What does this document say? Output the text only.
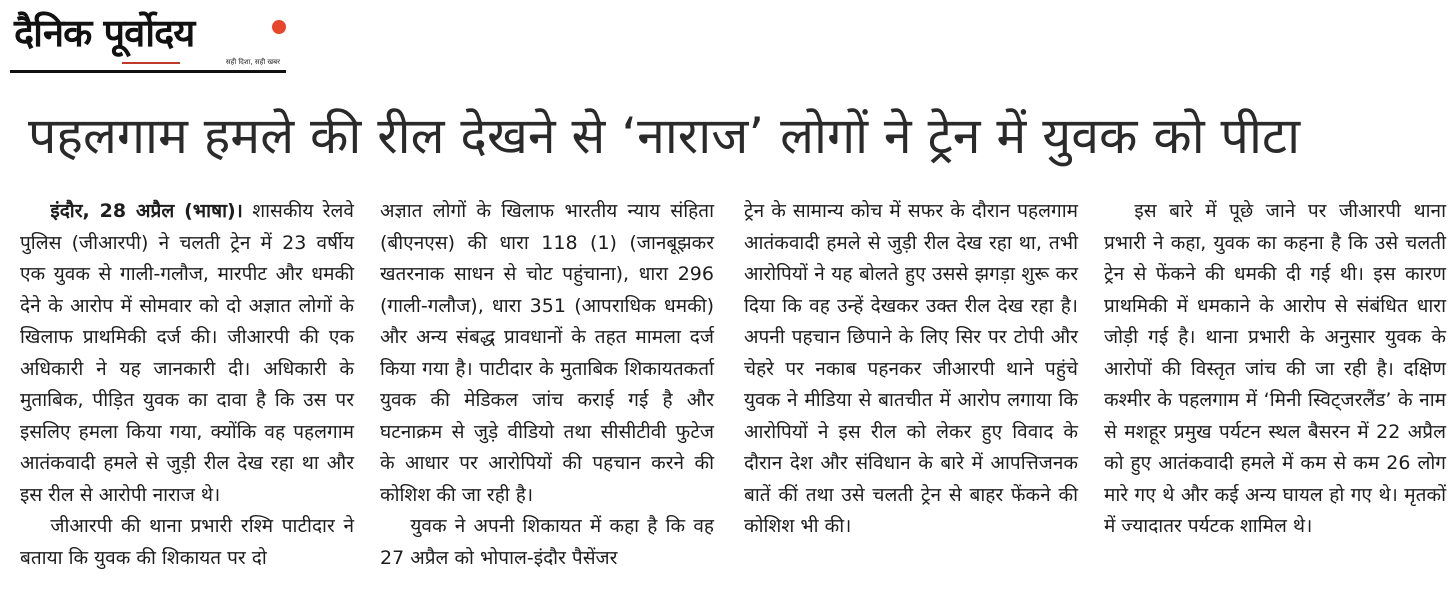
दैनिक पूर्वोदय
सही दिशा, सही खबर
पहलगाम हमले की रील देखने से ‘नाराज’ लोगों ने ट्रेन में युवक को पीटा

इंदौर, 28 अप्रैल (भाषा)। शासकीय रेलवे पुलिस (जीआरपी) ने चलती ट्रेन में 23 वर्षीय एक युवक से गाली-गलौज, मारपीट और धमकी देने के आरोप में सोमवार को दो अज्ञात लोगों के खिलाफ प्राथमिकी दर्ज की। जीआरपी की एक अधिकारी ने यह जानकारी दी। अधिकारी के मुताबिक, पीड़ित युवक का दावा है कि उस पर इसलिए हमला किया गया, क्योंकि वह पहलगाम आतंकवादी हमले से जुड़ी रील देख रहा था और इस रील से आरोपी नाराज थे।

जीआरपी की थाना प्रभारी रश्मि पाटीदार ने बताया कि युवक की शिकायत पर दो

अज्ञात लोगों के खिलाफ भारतीय न्याय संहिता (बीएनएस) की धारा 118 (1) (जानबूझकर खतरनाक साधन से चोट पहुंचाना), धारा 296 (गाली-गलौज), धारा 351 (आपराधिक धमकी) और अन्य संबद्ध प्रावधानों के तहत मामला दर्ज किया गया है। पाटीदार के मुताबिक शिकायतकर्ता युवक की मेडिकल जांच कराई गई है और घटनाक्रम से जुड़े वीडियो तथा सीसीटीवी फुटेज के आधार पर आरोपियों की पहचान करने की कोशिश की जा रही है।

युवक ने अपनी शिकायत में कहा है कि वह 27 अप्रैल को भोपाल-इंदौर पैसेंजर

ट्रेन के सामान्य कोच में सफर के दौरान पहलगाम आतंकवादी हमले से जुड़ी रील देख रहा था, तभी आरोपियों ने यह बोलते हुए उससे झगड़ा शुरू कर दिया कि वह उन्हें देखकर उक्त रील देख रहा है। अपनी पहचान छिपाने के लिए सिर पर टोपी और चेहरे पर नकाब पहनकर जीआरपी थाने पहुंचे युवक ने मीडिया से बातचीत में आरोप लगाया कि आरोपियों ने इस रील को लेकर हुए विवाद के दौरान देश और संविधान के बारे में आपत्तिजनक बातें कीं तथा उसे चलती ट्रेन से बाहर फेंकने की कोशिश भी की।

इस बारे में पूछे जाने पर जीआरपी थाना प्रभारी ने कहा, युवक का कहना है कि उसे चलती ट्रेन से फेंकने की धमकी दी गई थी। इस कारण प्राथमिकी में धमकाने के आरोप से संबंधित धारा जोड़ी गई है। थाना प्रभारी के अनुसार युवक के आरोपों की विस्तृत जांच की जा रही है। दक्षिण कश्मीर के पहलगाम में ‘मिनी स्विट्जरलैंड’ के नाम से मशहूर प्रमुख पर्यटन स्थल बैसरन में 22 अप्रैल को हुए आतंकवादी हमले में कम से कम 26 लोग मारे गए थे और कई अन्य घायल हो गए थे। मृतकों में ज्यादातर पर्यटक शामिल थे।
